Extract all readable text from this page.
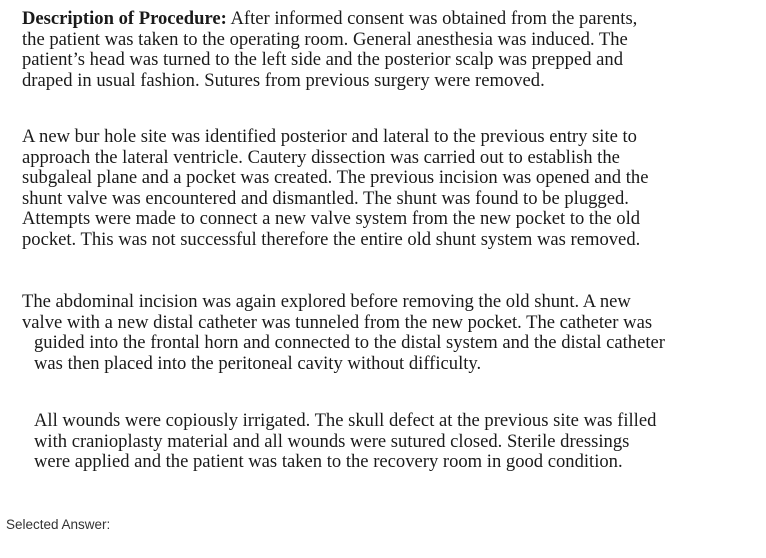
Description of Procedure: After informed consent was obtained from the parents,
the patient was taken to the operating room. General anesthesia was induced. The
patient’s head was turned to the left side and the posterior scalp was prepped and
draped in usual fashion. Sutures from previous surgery were removed.

A new bur hole site was identified posterior and lateral to the previous entry site to
approach the lateral ventricle. Cautery dissection was carried out to establish the
subgaleal plane and a pocket was created. The previous incision was opened and the
shunt valve was encountered and dismantled. The shunt was found to be plugged.
Attempts were made to connect a new valve system from the new pocket to the old
pocket. This was not successful therefore the entire old shunt system was removed.

The abdominal incision was again explored before removing the old shunt. A new
valve with a new distal catheter was tunneled from the new pocket. The catheter was
guided into the frontal horn and connected to the distal system and the distal catheter
was then placed into the peritoneal cavity without difficulty.

All wounds were copiously irrigated. The skull defect at the previous site was filled
with cranioplasty material and all wounds were sutured closed. Sterile dressings
were applied and the patient was taken to the recovery room in good condition.

Selected Answer:
